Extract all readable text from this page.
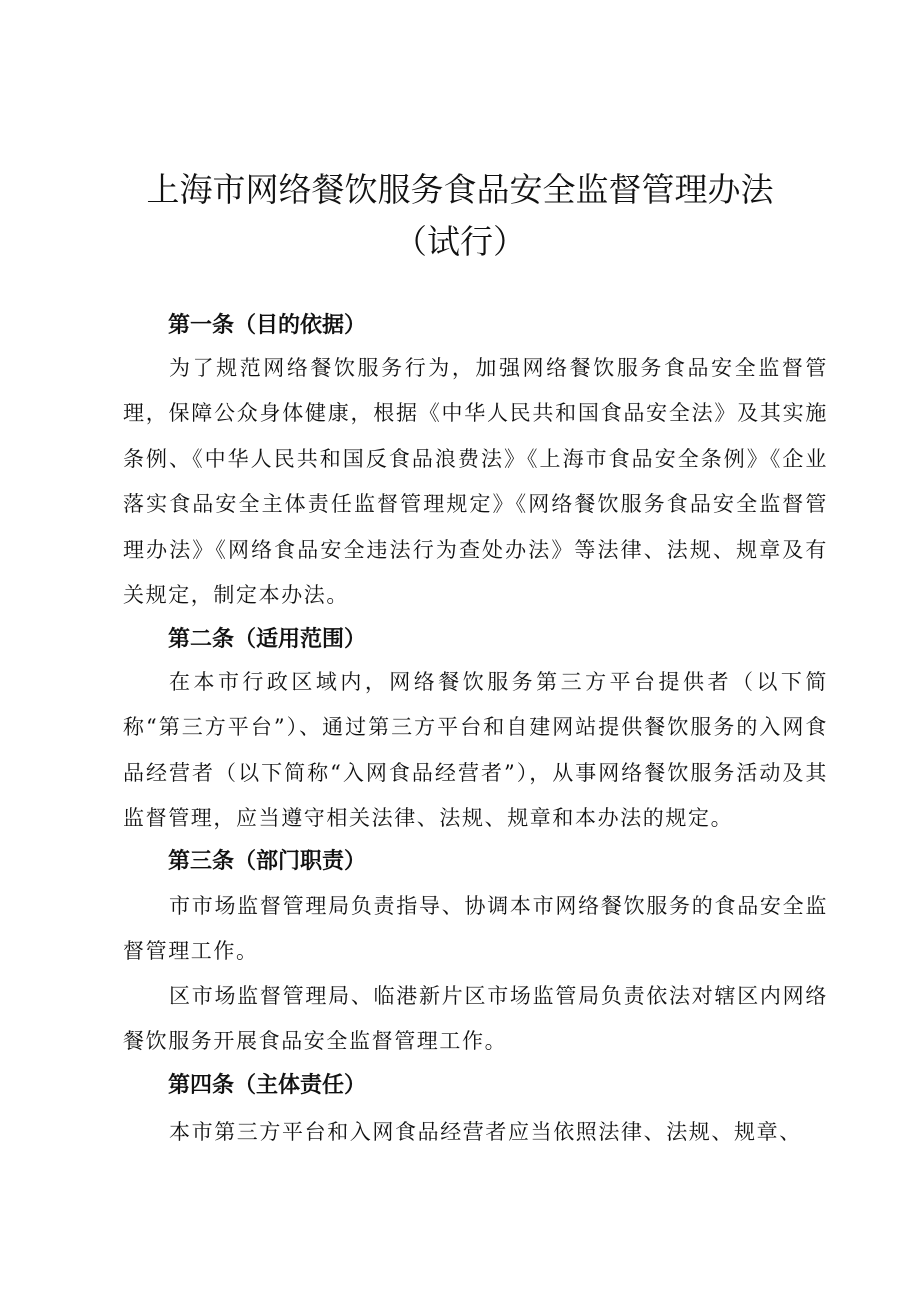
上海市网络餐饮服务食品安全监督管理办法
（试行）
第一条（目的依据）

为了规范网络餐饮服务行为，加强网络餐饮服务食品安全监督管理，保障公众身体健康，根据《中华人民共和国食品安全法》及其实施条例、《中华人民共和国反食品浪费法》《上海市食品安全条例》《企业落实食品安全主体责任监督管理规定》《网络餐饮服务食品安全监督管理办法》《网络食品安全违法行为查处办法》等法律、法规、规章及有关规定，制定本办法。

第二条（适用范围）

在本市行政区域内，网络餐饮服务第三方平台提供者（以下简称“第三方平台”）、通过第三方平台和自建网站提供餐饮服务的入网食品经营者（以下简称“入网食品经营者”），从事网络餐饮服务活动及其监督管理，应当遵守相关法律、法规、规章和本办法的规定。

第三条（部门职责）

市市场监督管理局负责指导、协调本市网络餐饮服务的食品安全监督管理工作。

区市场监督管理局、临港新片区市场监管局负责依法对辖区内网络餐饮服务开展食品安全监督管理工作。

第四条（主体责任）

本市第三方平台和入网食品经营者应当依照法律、法规、规章、
